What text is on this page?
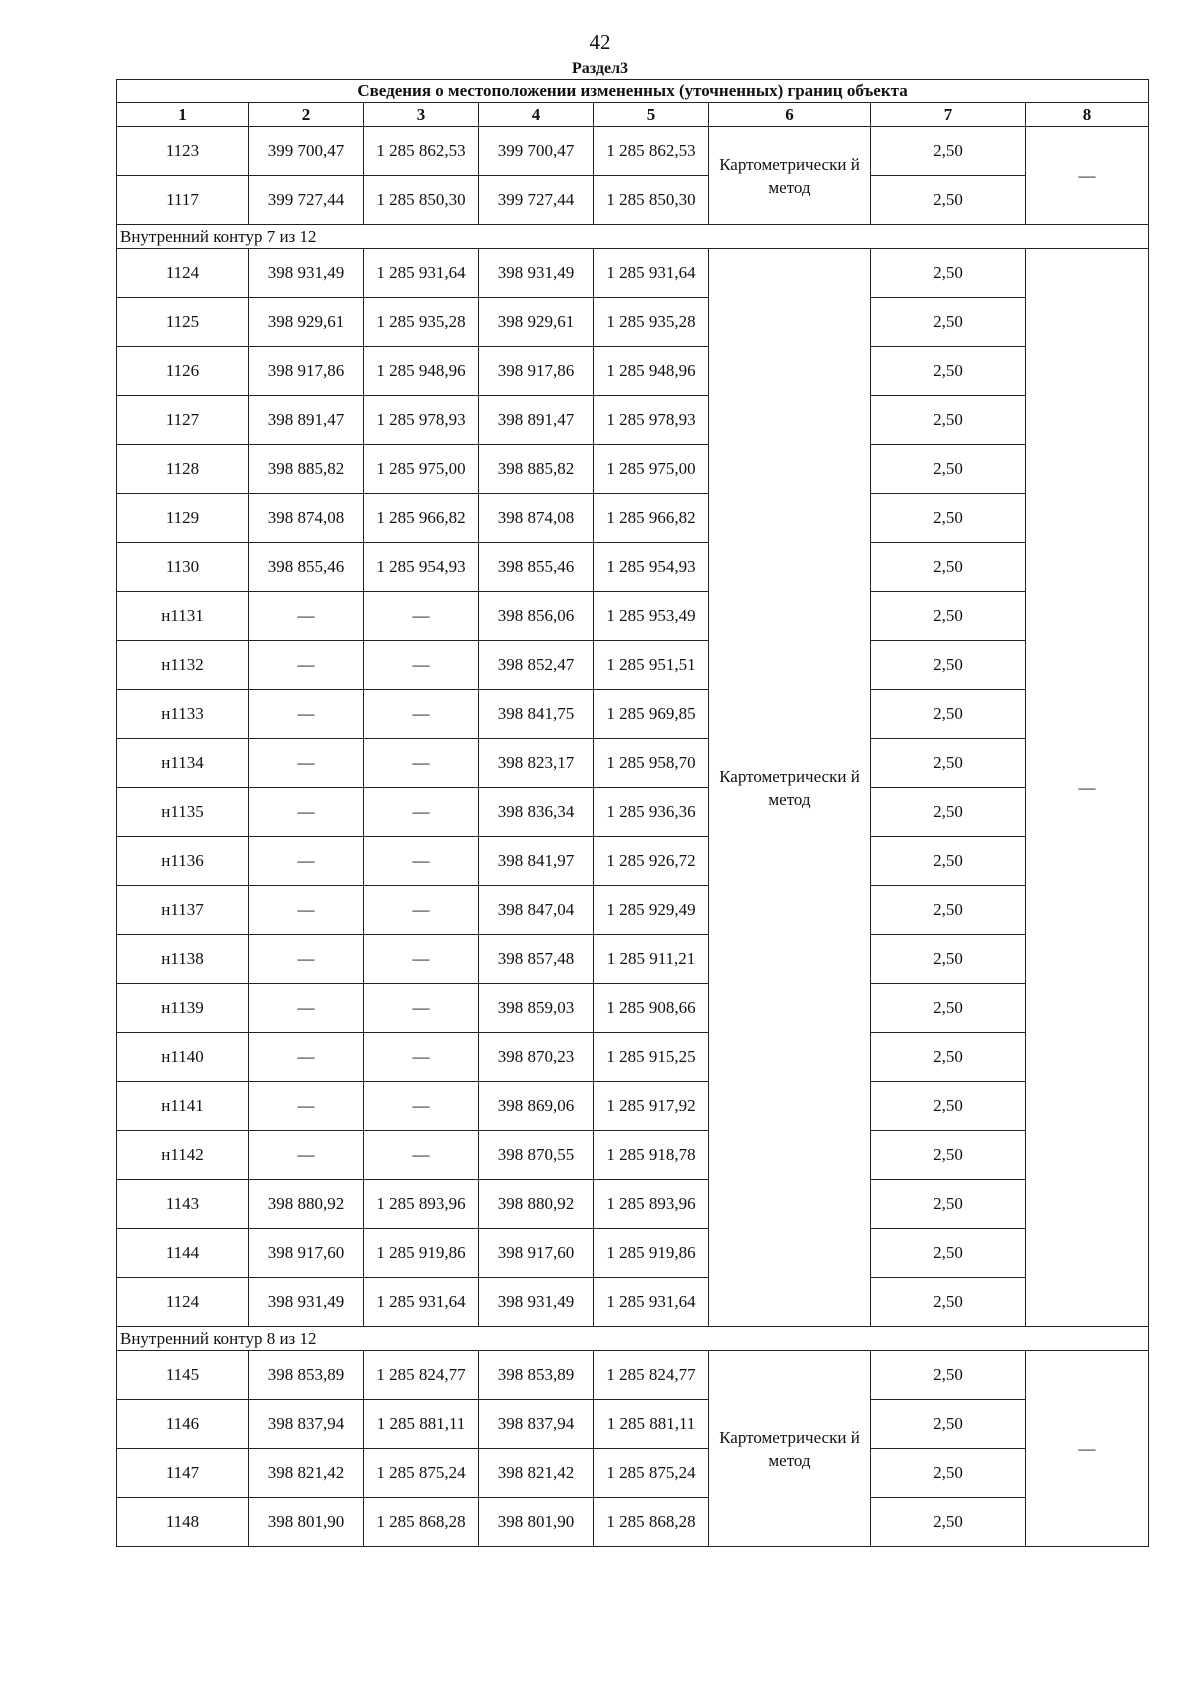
42
Раздел3
Сведения о местоположении измененных (уточненных) границ объекта							
1	2	3	4	5	6	7	8
1123	399 700,47	1 285 862,53	399 700,47	1 285 862,53	Картометрически й метод	2,50	—
1117	399 727,44	1 285 850,30	399 727,44	1 285 850,30		2,50	
Внутренний контур 7 из 12							
1124	398 931,49	1 285 931,64	398 931,49	1 285 931,64	Картометрически й метод	2,50	—
1125	398 929,61	1 285 935,28	398 929,61	1 285 935,28		2,50	
1126	398 917,86	1 285 948,96	398 917,86	1 285 948,96		2,50	
1127	398 891,47	1 285 978,93	398 891,47	1 285 978,93		2,50	
1128	398 885,82	1 285 975,00	398 885,82	1 285 975,00		2,50	
1129	398 874,08	1 285 966,82	398 874,08	1 285 966,82		2,50	
1130	398 855,46	1 285 954,93	398 855,46	1 285 954,93		2,50	
н1131	—	—	398 856,06	1 285 953,49		2,50	
н1132	—	—	398 852,47	1 285 951,51		2,50	
н1133	—	—	398 841,75	1 285 969,85		2,50	
н1134	—	—	398 823,17	1 285 958,70		2,50	
н1135	—	—	398 836,34	1 285 936,36		2,50	
н1136	—	—	398 841,97	1 285 926,72		2,50	
н1137	—	—	398 847,04	1 285 929,49		2,50	
н1138	—	—	398 857,48	1 285 911,21		2,50	
н1139	—	—	398 859,03	1 285 908,66		2,50	
н1140	—	—	398 870,23	1 285 915,25		2,50	
н1141	—	—	398 869,06	1 285 917,92		2,50	
н1142	—	—	398 870,55	1 285 918,78		2,50	
1143	398 880,92	1 285 893,96	398 880,92	1 285 893,96		2,50	
1144	398 917,60	1 285 919,86	398 917,60	1 285 919,86		2,50	
1124	398 931,49	1 285 931,64	398 931,49	1 285 931,64		2,50	
Внутренний контур 8 из 12							
1145	398 853,89	1 285 824,77	398 853,89	1 285 824,77	Картометрически й метод	2,50	—
1146	398 837,94	1 285 881,11	398 837,94	1 285 881,11		2,50	
1147	398 821,42	1 285 875,24	398 821,42	1 285 875,24		2,50	
1148	398 801,90	1 285 868,28	398 801,90	1 285 868,28		2,50	
